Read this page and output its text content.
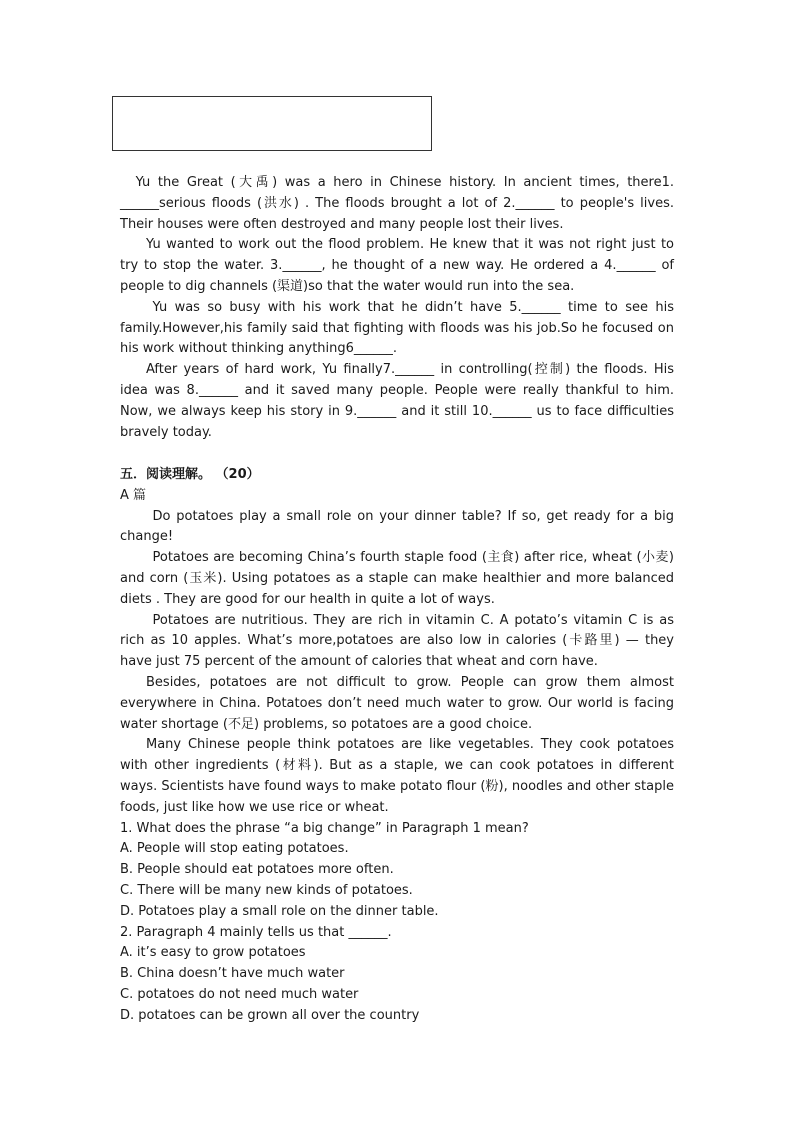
Yu the Great (大禹) was a hero in Chinese history. In ancient times, there1. ______serious floods (洪水) . The floods brought a lot of 2.______ to people's lives. Their houses were often destroyed and many people lost their lives.

Yu wanted to work out the flood problem. He knew that it was not right just to try to stop the water. 3.______, he thought of a new way. He ordered a 4.______ of people to dig channels (渠道)so that the water would run into the sea.

Yu was so busy with his work that he didn’t have 5.______ time to see his family.However,his family said that fighting with floods was his job.So he focused on his work without thinking anything6______.

After years of hard work, Yu finally7.______ in controlling(控制) the floods. His idea was 8.______ and it saved many people. People were really thankful to him. Now, we always keep his story in 9.______ and it still 10.______ us to face difficulties bravely today.

五．阅读理解。 （20）

A 篇

Do potatoes play a small role on your dinner table? If so, get ready for a big change!

Potatoes are becoming China’s fourth staple food (主食) after rice, wheat (小麦) and corn (玉米). Using potatoes as a staple can make healthier and more balanced diets . They are good for our health in quite a lot of ways.

Potatoes are nutritious. They are rich in vitamin C. A potato’s vitamin C is as rich as 10 apples. What’s more,potatoes are also low in calories (卡路里) — they have just 75 percent of the amount of calories that wheat and corn have.

Besides, potatoes are not difficult to grow. People can grow them almost everywhere in China. Potatoes don’t need much water to grow. Our world is facing water shortage (不足) problems, so potatoes are a good choice.

Many Chinese people think potatoes are like vegetables. They cook potatoes with other ingredients (材料). But as a staple, we can cook potatoes in different ways. Scientists have found ways to make potato flour (粉), noodles and other staple foods, just like how we use rice or wheat.

1. What does the phrase “a big change” in Paragraph 1 mean?

A. People will stop eating potatoes.

B. People should eat potatoes more often.

C. There will be many new kinds of potatoes.

D. Potatoes play a small role on the dinner table.

2. Paragraph 4 mainly tells us that ______.

A. it’s easy to grow potatoes

B. China doesn’t have much water

C. potatoes do not need much water

D. potatoes can be grown all over the country
